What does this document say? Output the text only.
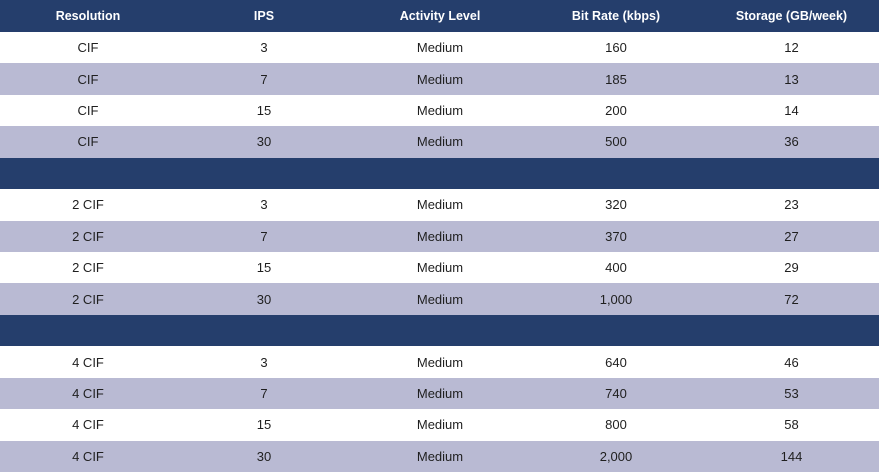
Resolution	IPS	Activity Level	Bit Rate (kbps)	Storage (GB/week)
CIF	3	Medium	160	12
CIF	7	Medium	185	13
CIF	15	Medium	200	14
CIF	30	Medium	500	36
2 CIF	3	Medium	320	23
2 CIF	7	Medium	370	27
2 CIF	15	Medium	400	29
2 CIF	30	Medium	1,000	72
4 CIF	3	Medium	640	46
4 CIF	7	Medium	740	53
4 CIF	15	Medium	800	58
4 CIF	30	Medium	2,000	144
